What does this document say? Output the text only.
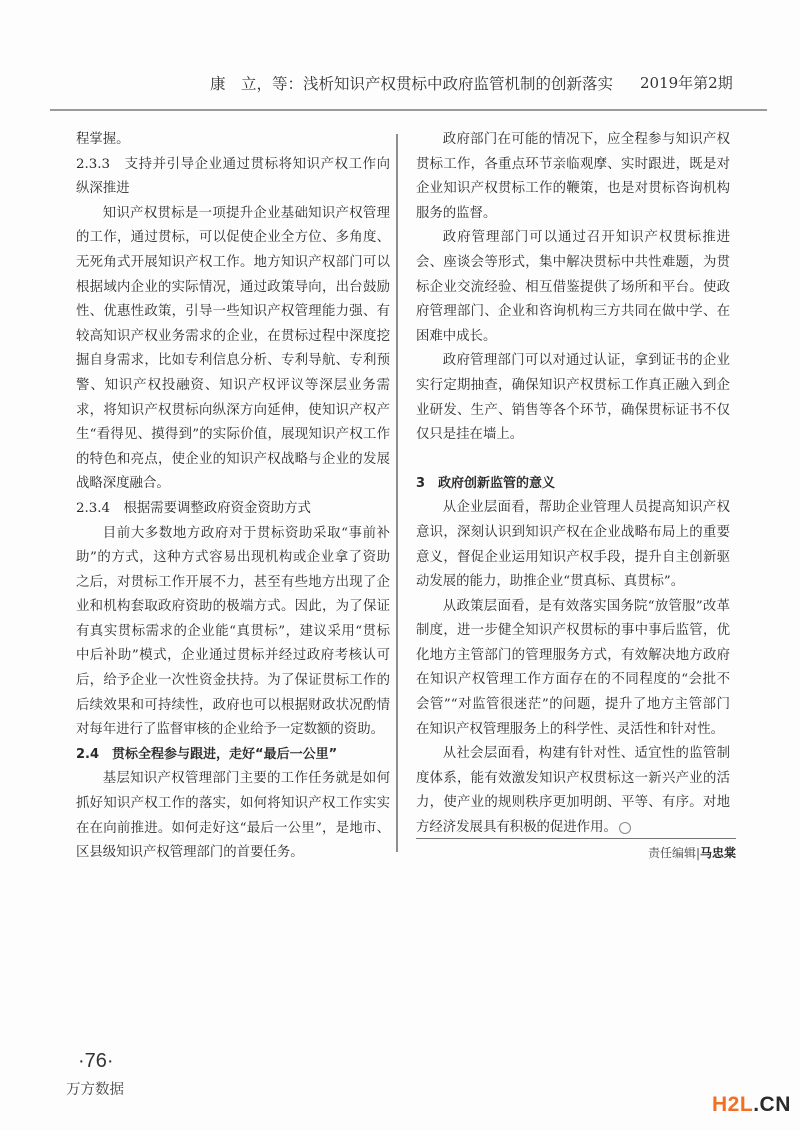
康　立，等：浅析知识产权贯标中政府监管机制的创新落实 2019年第2期

程掌握。

2.3.3　支持并引导企业通过贯标将知识产权工作向纵深推进

知识产权贯标是一项提升企业基础知识产权管理的工作，通过贯标，可以促使企业全方位、多角度、无死角式开展知识产权工作。地方知识产权部门可以根据域内企业的实际情况，通过政策导向，出台鼓励性、优惠性政策，引导一些知识产权管理能力强、有较高知识产权业务需求的企业，在贯标过程中深度挖掘自身需求，比如专利信息分析、专利导航、专利预警、知识产权投融资、知识产权评议等深层业务需求，将知识产权贯标向纵深方向延伸，使知识产权产生“看得见、摸得到”的实际价值，展现知识产权工作的特色和亮点，使企业的知识产权战略与企业的发展战略深度融合。

2.3.4　根据需要调整政府资金资助方式

目前大多数地方政府对于贯标资助采取“事前补助”的方式，这种方式容易出现机构或企业拿了资助之后，对贯标工作开展不力，甚至有些地方出现了企业和机构套取政府资助的极端方式。因此，为了保证有真实贯标需求的企业能“真贯标”，建议采用“贯标中后补助”模式，企业通过贯标并经过政府考核认可后，给予企业一次性资金扶持。为了保证贯标工作的后续效果和可持续性，政府也可以根据财政状况酌情对每年进行了监督审核的企业给予一定数额的资助。

2.4　贯标全程参与跟进，走好“最后一公里”

基层知识产权管理部门主要的工作任务就是如何抓好知识产权工作的落实，如何将知识产权工作实实在在向前推进。如何走好这“最后一公里”，是地市、区县级知识产权管理部门的首要任务。

政府部门在可能的情况下，应全程参与知识产权贯标工作，各重点环节亲临观摩、实时跟进，既是对企业知识产权贯标工作的鞭策，也是对贯标咨询机构服务的监督。

政府管理部门可以通过召开知识产权贯标推进会、座谈会等形式，集中解决贯标中共性难题，为贯标企业交流经验、相互借鉴提供了场所和平台。使政府管理部门、企业和咨询机构三方共同在做中学、在困难中成长。

政府管理部门可以对通过认证，拿到证书的企业实行定期抽查，确保知识产权贯标工作真正融入到企业研发、生产、销售等各个环节，确保贯标证书不仅仅只是挂在墙上。

3　政府创新监管的意义

从企业层面看，帮助企业管理人员提高知识产权意识，深刻认识到知识产权在企业战略布局上的重要意义，督促企业运用知识产权手段，提升自主创新驱动发展的能力，助推企业“贯真标、真贯标”。

从政策层面看，是有效落实国务院“放管服”改革制度，进一步健全知识产权贯标的事中事后监管，优化地方主管部门的管理服务方式，有效解决地方政府在知识产权管理工作方面存在的不同程度的“会批不会管”“对监管很迷茫”的问题，提升了地方主管部门在知识产权管理服务上的科学性、灵活性和针对性。

从社会层面看，构建有针对性、适宜性的监管制度体系，能有效激发知识产权贯标这一新兴产业的活力，使产业的规则秩序更加明朗、平等、有序。对地方经济发展具有积极的促进作用。

责任编辑|马忠棠
·76·
万方数据
H2L.CN
